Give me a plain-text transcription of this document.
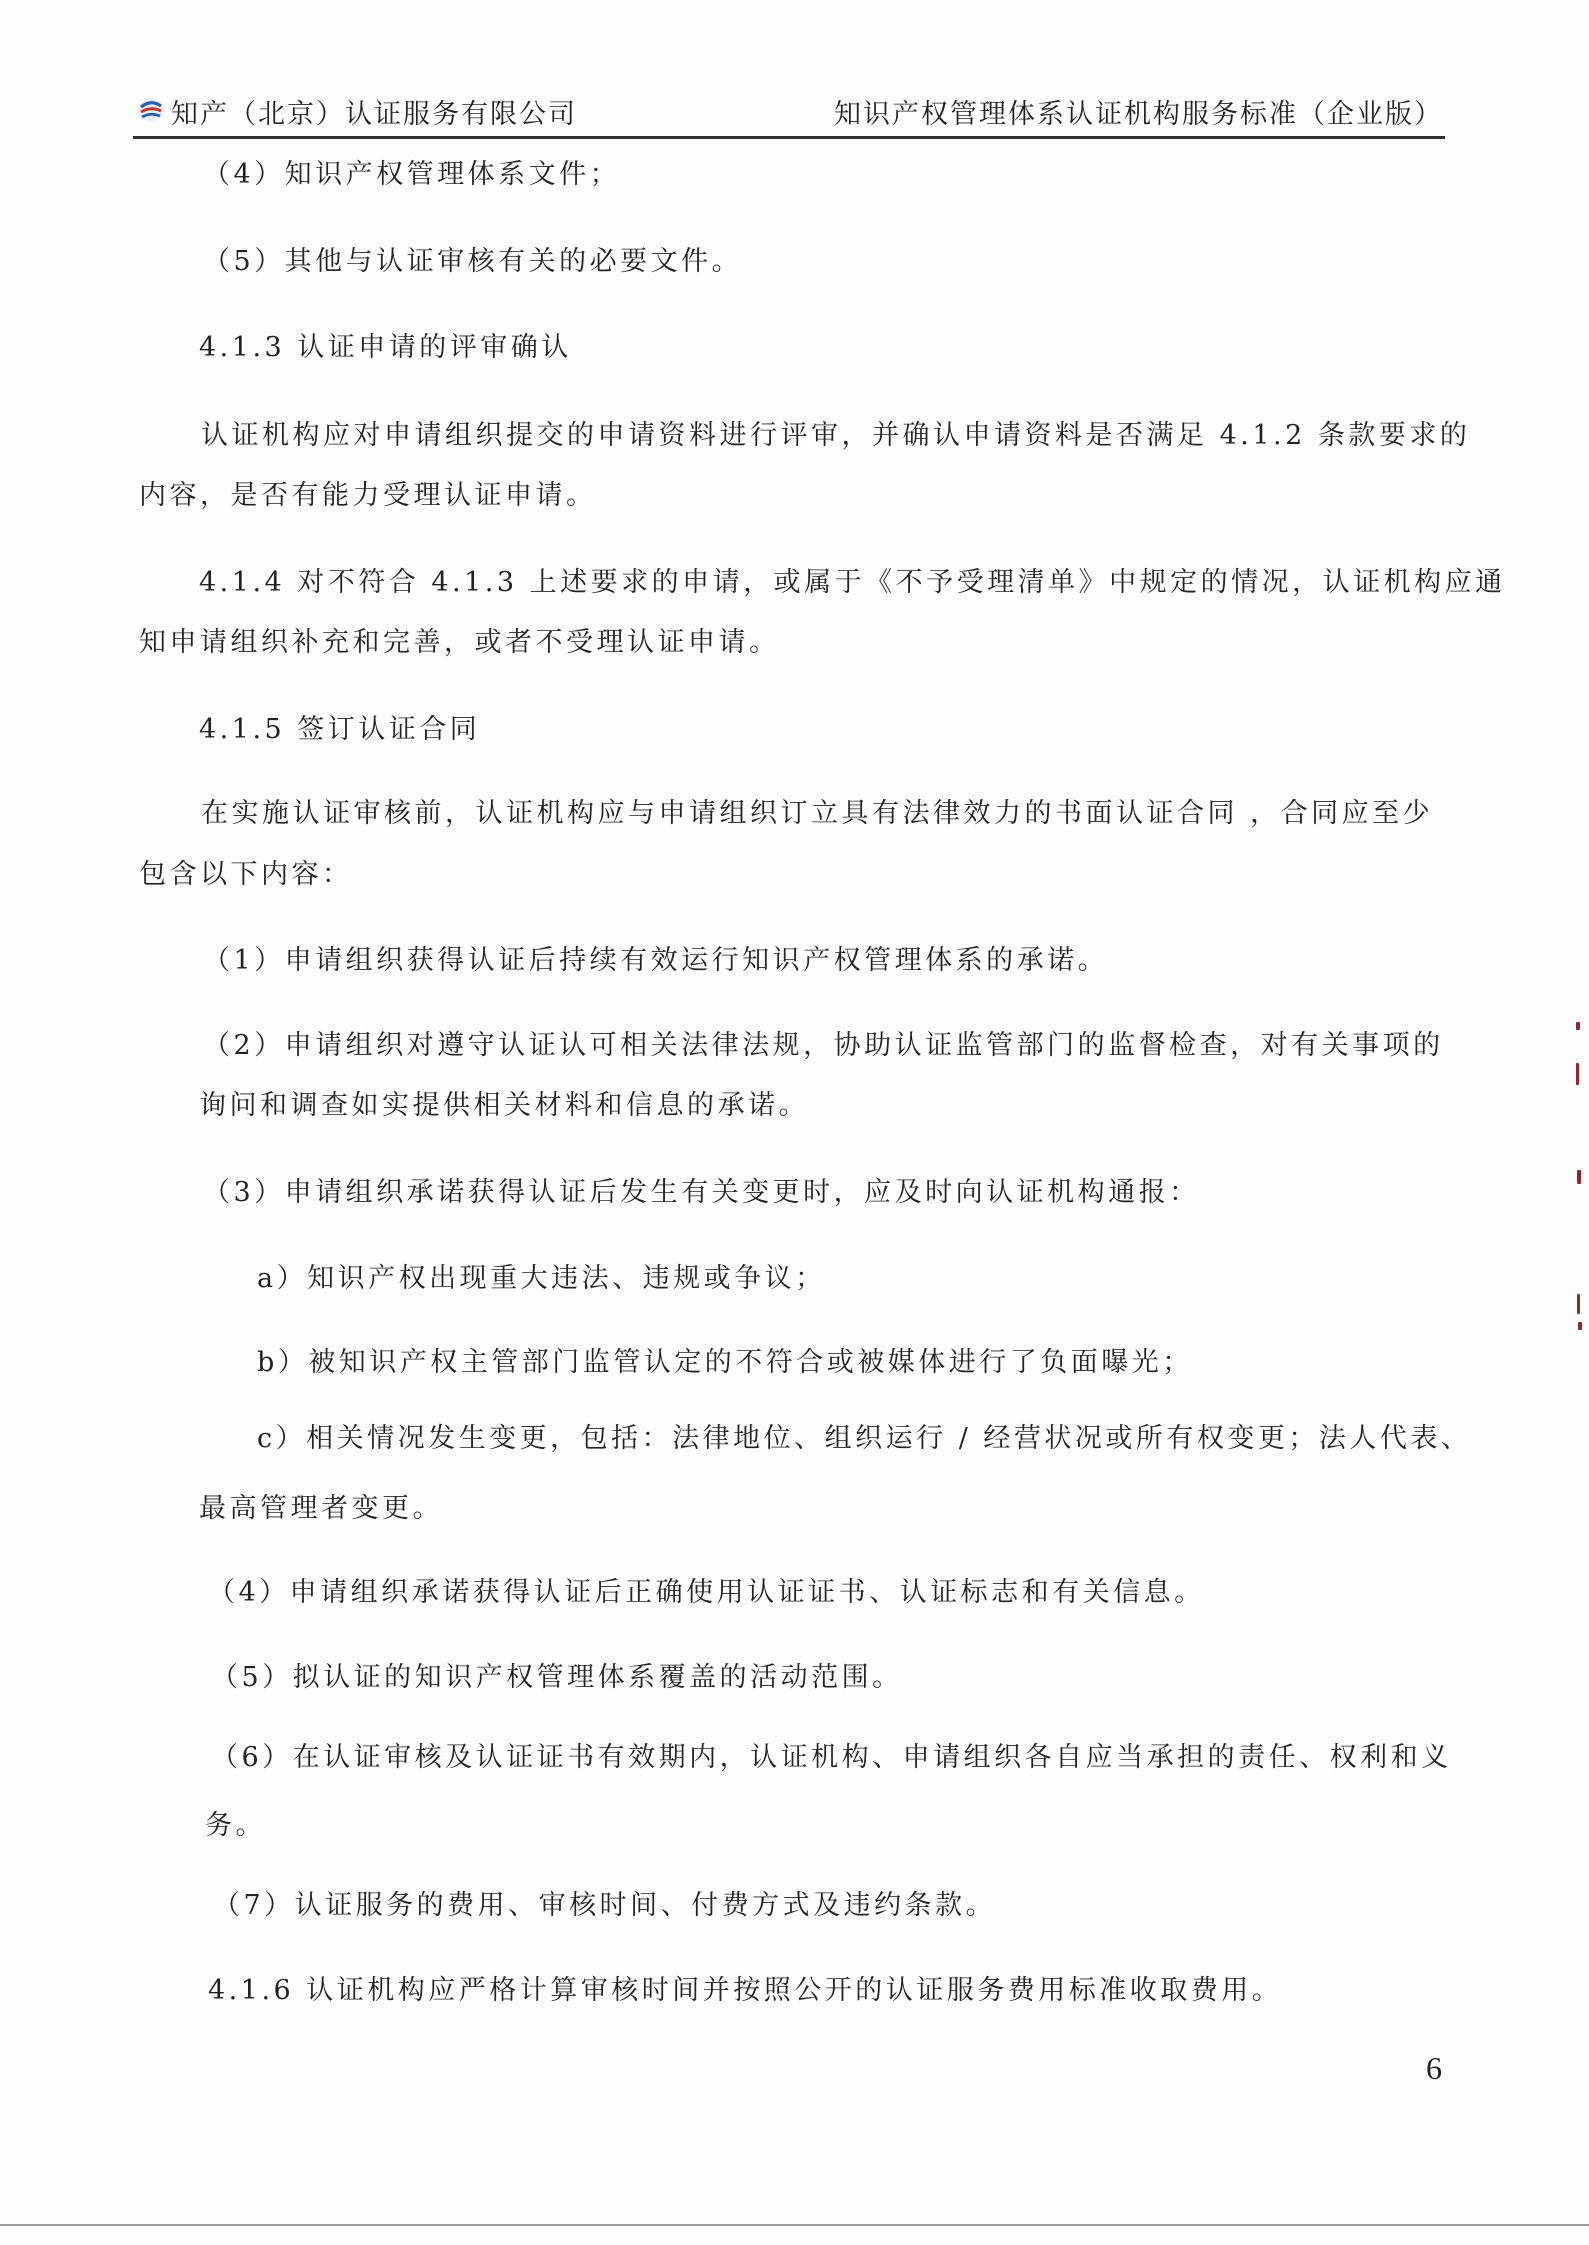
知产（北京）认证服务有限公司	知识产权管理体系认证机构服务标准（企业版）
（4）知识产权管理体系文件；
（5）其他与认证审核有关的必要文件。
4.1.3 认证申请的评审确认
认证机构应对申请组织提交的申请资料进行评审，并确认申请资料是否满足 4.1.2 条款要求的
内容，是否有能力受理认证申请。
4.1.4 对不符合 4.1.3 上述要求的申请，或属于《不予受理清单》中规定的情况，认证机构应通
知申请组织补充和完善，或者不受理认证申请。
4.1.5 签订认证合同
在实施认证审核前，认证机构应与申请组织订立具有法律效力的书面认证合同 ，合同应至少
包含以下内容：
（1）申请组织获得认证后持续有效运行知识产权管理体系的承诺。
（2）申请组织对遵守认证认可相关法律法规，协助认证监管部门的监督检查，对有关事项的
询问和调查如实提供相关材料和信息的承诺。
（3）申请组织承诺获得认证后发生有关变更时，应及时向认证机构通报：
a）知识产权出现重大违法、违规或争议；
b）被知识产权主管部门监管认定的不符合或被媒体进行了负面曝光；
c）相关情况发生变更，包括：法律地位、组织运行 / 经营状况或所有权变更；法人代表、
最高管理者变更。
（4）申请组织承诺获得认证后正确使用认证证书、认证标志和有关信息。
（5）拟认证的知识产权管理体系覆盖的活动范围。
（6）在认证审核及认证证书有效期内，认证机构、申请组织各自应当承担的责任、权利和义
务。
（7）认证服务的费用、审核时间、付费方式及违约条款。
4.1.6 认证机构应严格计算审核时间并按照公开的认证服务费用标准收取费用。
6
